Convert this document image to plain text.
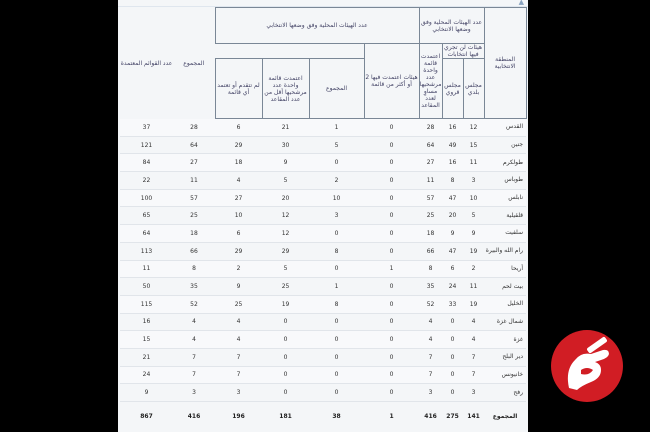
▲
المنطقة الانتخابية	عدد الهيئات المحلية وفق وضعها الانتخابي			عدد الهيئات المحلية وفق وضعها الانتخابي				المجموع	عدد القوائم المعتمدة
	هيئات لن تجري فيها انتخابات		اعتمدت قائمة واحدة عدد مرشحيها مساوٍ لعدد المقاعد	هيئات اعتمدت فيها 2 أو أكثر من قائمة					
	مجلس بلدي	مجلس قروي			المجموع	اعتمدت قائمة واحدة عدد مرشحيها أقل من عدد المقاعد	لم تتقدم أو تعتمد أي قائمة		
القدس	12	16	28	0	1	21	6	28	37
جنين	15	49	64	0	5	30	29	64	121
طولكرم	11	16	27	0	0	9	18	27	84
طوباس	3	8	11	0	2	5	4	11	22
نابلس	10	47	57	0	10	20	27	57	100
قلقيلية	5	20	25	0	3	12	10	25	65
سلفيت	9	9	18	0	0	12	6	18	64
رام الله والبيرة	19	47	66	0	8	29	29	66	113
أريحا	2	6	8	1	0	5	2	8	11
بيت لحم	11	24	35	0	1	25	9	35	50
الخليل	19	33	52	0	8	19	25	52	115
شمال غزة	4	0	4	0	0	0	4	4	16
غزة	4	0	4	0	0	0	4	4	15
دير البلح	7	0	7	0	0	0	7	7	21
خانيونس	7	0	7	0	0	0	7	7	24
رفح	3	0	3	0	0	0	3	3	9
المجموع	141	275	416	1	38	181	196	416	867
